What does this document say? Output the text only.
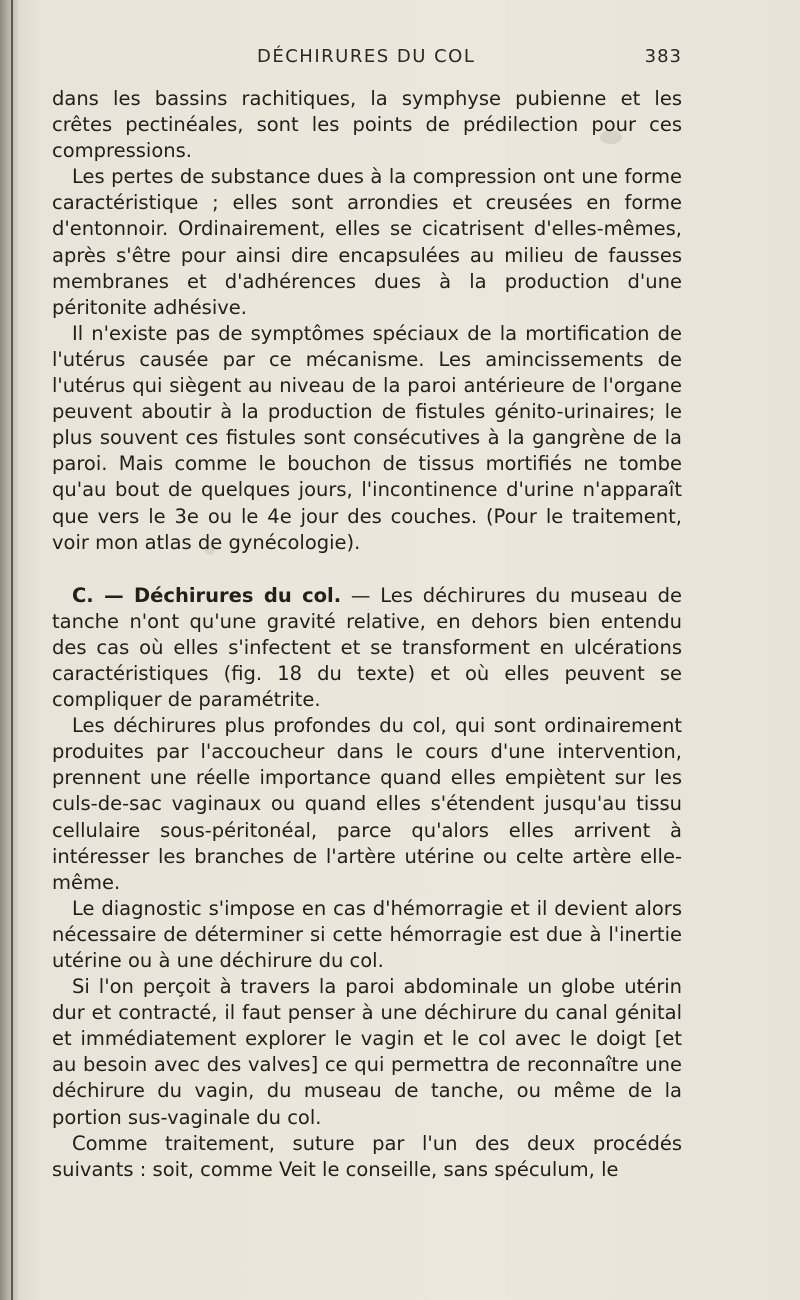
DÉCHIRURES DU COL	383

dans les bassins rachitiques, la symphyse pubienne et les crêtes pectinéales, sont les points de prédilection pour ces compressions.

Les pertes de substance dues à la compression ont une forme caractéristique ; elles sont arrondies et creusées en forme d'entonnoir. Ordinairement, elles se cicatrisent d'elles-mêmes, après s'être pour ainsi dire encapsulées au milieu de fausses membranes et d'adhérences dues à la production d'une péritonite adhésive.

Il n'existe pas de symptômes spéciaux de la mortification de l'utérus causée par ce mécanisme. Les amincissements de l'utérus qui siègent au niveau de la paroi antérieure de l'organe peuvent aboutir à la production de fistules génito-urinaires; le plus souvent ces fistules sont consécutives à la gangrène de la paroi. Mais comme le bouchon de tissus mortifiés ne tombe qu'au bout de quelques jours, l'incontinence d'urine n'apparaît que vers le 3e ou le 4e jour des couches. (Pour le traitement, voir mon atlas de gynécologie).

C. — Déchirures du col. — Les déchirures du museau de tanche n'ont qu'une gravité relative, en dehors bien entendu des cas où elles s'infectent et se transforment en ulcérations caractéristiques (fig. 18 du texte) et où elles peuvent se compliquer de paramétrite.

Les déchirures plus profondes du col, qui sont ordinairement produites par l'accoucheur dans le cours d'une intervention, prennent une réelle importance quand elles empiètent sur les culs-de-sac vaginaux ou quand elles s'étendent jusqu'au tissu cellulaire sous-péritonéal, parce qu'alors elles arrivent à intéresser les branches de l'artère utérine ou celte artère elle-même.

Le diagnostic s'impose en cas d'hémorragie et il devient alors nécessaire de déterminer si cette hémorragie est due à l'inertie utérine ou à une déchirure du col.

Si l'on perçoit à travers la paroi abdominale un globe utérin dur et contracté, il faut penser à une déchirure du canal génital et immédiatement explorer le vagin et le col avec le doigt [et au besoin avec des valves] ce qui permettra de reconnaître une déchirure du vagin, du museau de tanche, ou même de la portion sus-vaginale du col.

Comme traitement, suture par l'un des deux procédés suivants : soit, comme Veit le conseille, sans spéculum, le
